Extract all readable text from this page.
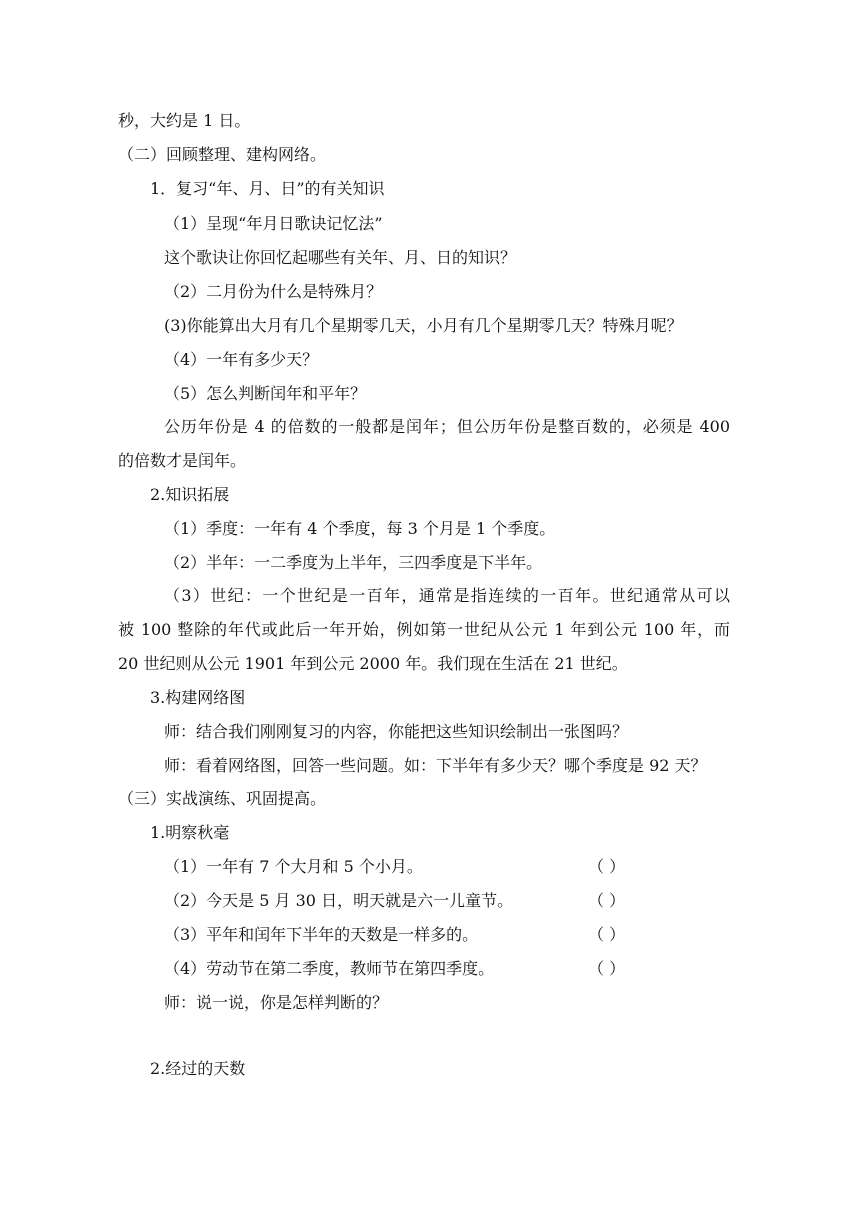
秒，大约是 1 日。
（二）回顾整理、建构网络。
1．复习“年、月、日”的有关知识
（1）呈现“年月日歌诀记忆法”
这个歌诀让你回忆起哪些有关年、月、日的知识？
（2）二月份为什么是特殊月？
(3)你能算出大月有几个星期零几天，小月有几个星期零几天？特殊月呢？
（4）一年有多少天？
（5）怎么判断闰年和平年？
公历年份是 4 的倍数的一般都是闰年；但公历年份是整百数的，必须是 400
的倍数才是闰年。
2.知识拓展
（1）季度：一年有 4 个季度，每 3 个月是 1 个季度。
（2）半年：一二季度为上半年，三四季度是下半年。
（3）世纪：一个世纪是一百年，通常是指连续的一百年。世纪通常从可以
被 100 整除的年代或此后一年开始，例如第一世纪从公元 1 年到公元 100 年，而
20 世纪则从公元 1901 年到公元 2000 年。我们现在生活在 21 世纪。
3.构建网络图
师：结合我们刚刚复习的内容，你能把这些知识绘制出一张图吗？
师：看着网络图，回答一些问题。如：下半年有多少天？哪个季度是 92 天？
（三）实战演练、巩固提高。
1.明察秋毫
（1）一年有 7 个大月和 5 个小月。	（ ）
（2）今天是 5 月 30 日，明天就是六一儿童节。	（ ）
（3）平年和闰年下半年的天数是一样多的。	（ ）
（4）劳动节在第二季度，教师节在第四季度。	（ ）
师：说一说，你是怎样判断的？
2.经过的天数
